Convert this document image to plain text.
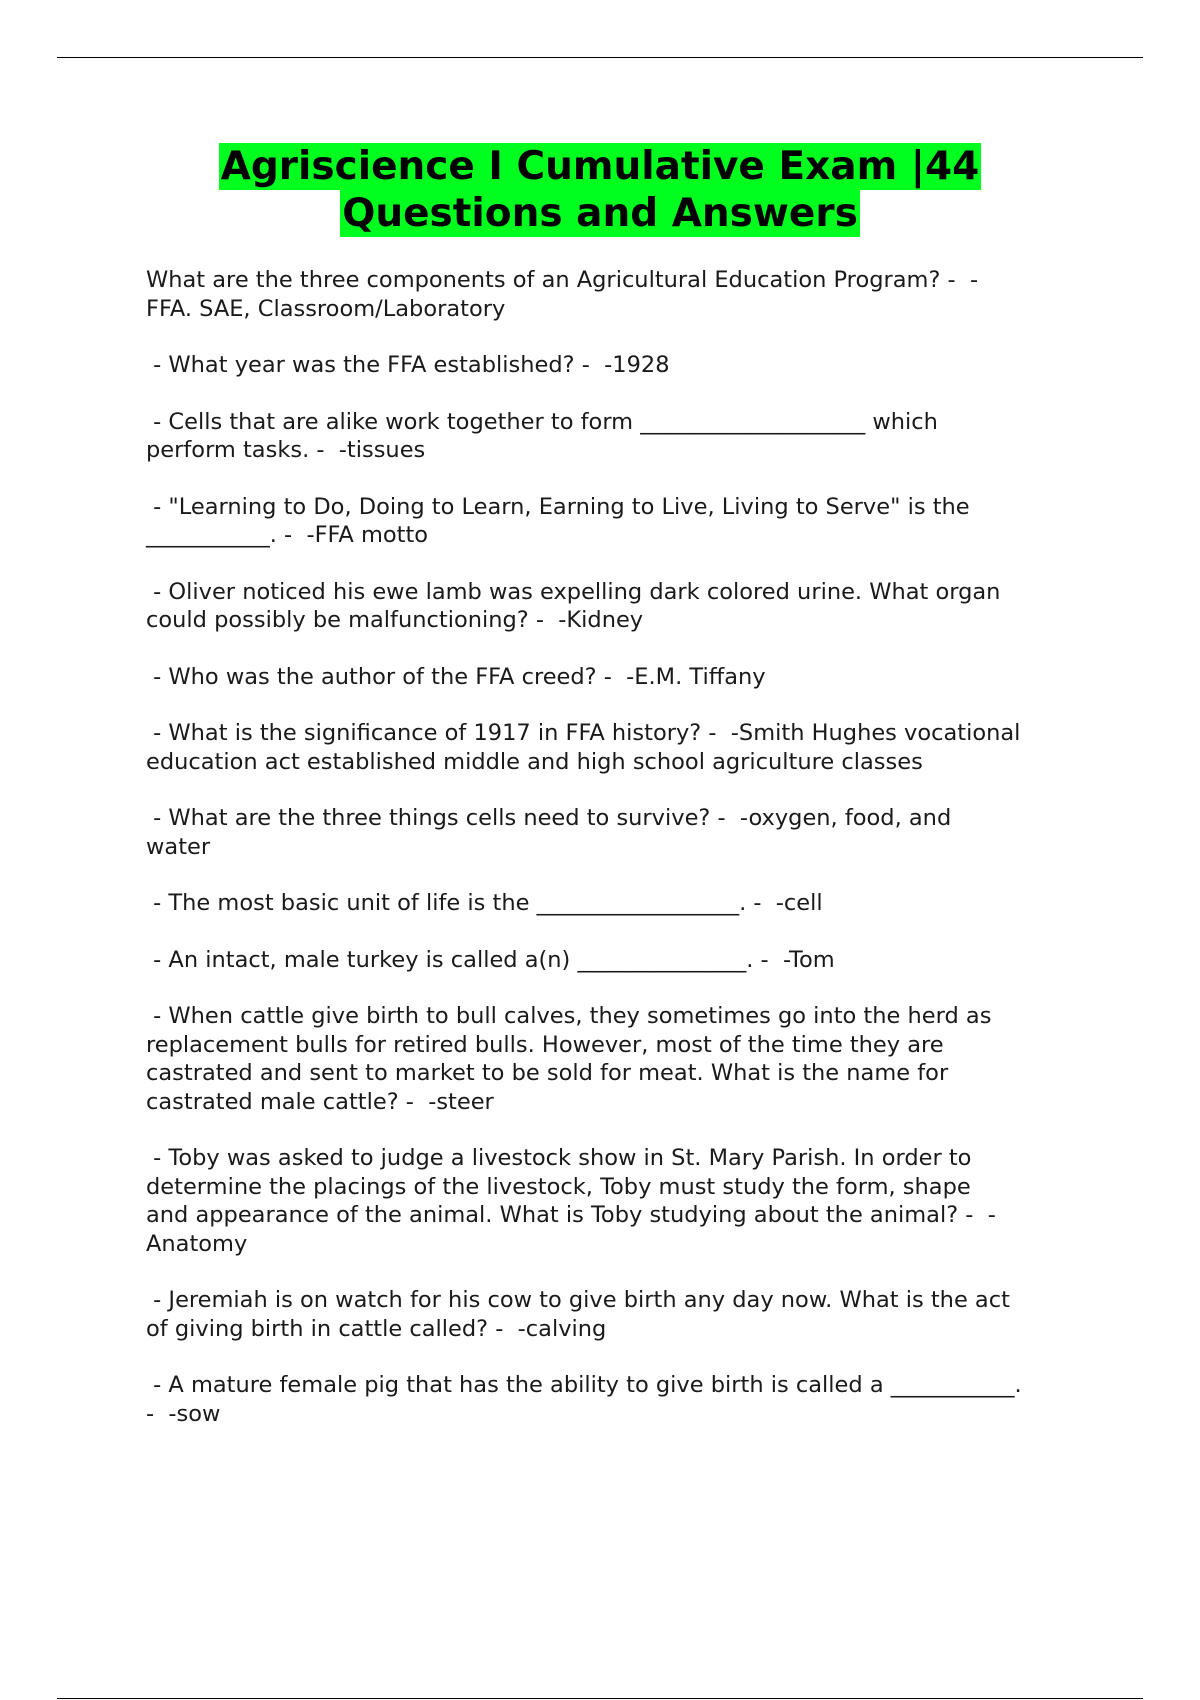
Agriscience I Cumulative Exam |44
Questions and Answers

What are the three components of an Agricultural Education Program? -  -
FFA. SAE, Classroom/Laboratory

- What year was the FFA established? -  -1928

- Cells that are alike work together to form ____________________ which
perform tasks. -  -tissues

- "Learning to Do, Doing to Learn, Earning to Live, Living to Serve" is the
___________. -  -FFA motto

- Oliver noticed his ewe lamb was expelling dark colored urine. What organ
could possibly be malfunctioning? -  -Kidney

- Who was the author of the FFA creed? -  -E.M. Tiffany

- What is the significance of 1917 in FFA history? -  -Smith Hughes vocational
education act established middle and high school agriculture classes

- What are the three things cells need to survive? -  -oxygen, food, and
water

- The most basic unit of life is the __________________. -  -cell

- An intact, male turkey is called a(n) _______________. -  -Tom

- When cattle give birth to bull calves, they sometimes go into the herd as
replacement bulls for retired bulls. However, most of the time they are
castrated and sent to market to be sold for meat. What is the name for
castrated male cattle? -  -steer

- Toby was asked to judge a livestock show in St. Mary Parish. In order to
determine the placings of the livestock, Toby must study the form, shape
and appearance of the animal. What is Toby studying about the animal? -  -
Anatomy

- Jeremiah is on watch for his cow to give birth any day now. What is the act
of giving birth in cattle called? -  -calving

- A mature female pig that has the ability to give birth is called a ___________.
-  -sow
